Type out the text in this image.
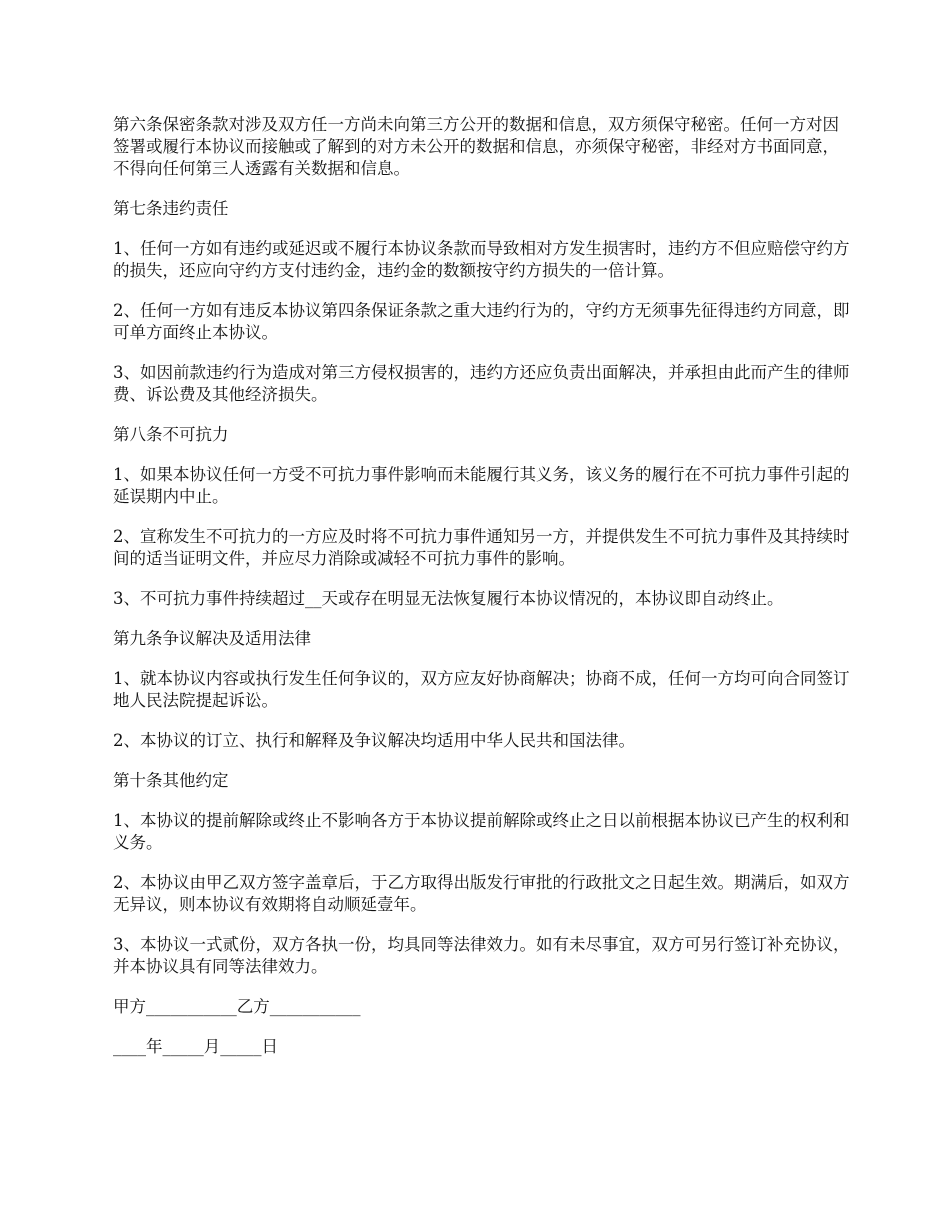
第六条保密条款对涉及双方任一方尚未向第三方公开的数据和信息，双方须保守秘密。任何一方对因签署或履行本协议而接触或了解到的对方未公开的数据和信息，亦须保守秘密，非经对方书面同意，不得向任何第三人透露有关数据和信息。

第七条违约责任

1、任何一方如有违约或延迟或不履行本协议条款而导致相对方发生损害时，违约方不但应赔偿守约方的损失，还应向守约方支付违约金，违约金的数额按守约方损失的一倍计算。

2、任何一方如有违反本协议第四条保证条款之重大违约行为的，守约方无须事先征得违约方同意，即可单方面终止本协议。

3、如因前款违约行为造成对第三方侵权损害的，违约方还应负责出面解决，并承担由此而产生的律师费、诉讼费及其他经济损失。

第八条不可抗力

1、如果本协议任何一方受不可抗力事件影响而未能履行其义务，该义务的履行在不可抗力事件引起的延误期内中止。

2、宣称发生不可抗力的一方应及时将不可抗力事件通知另一方，并提供发生不可抗力事件及其持续时间的适当证明文件，并应尽力消除或减轻不可抗力事件的影响。

3、不可抗力事件持续超过__天或存在明显无法恢复履行本协议情况的，本协议即自动终止。

第九条争议解决及适用法律

1、就本协议内容或执行发生任何争议的，双方应友好协商解决；协商不成，任何一方均可向合同签订地人民法院提起诉讼。

2、本协议的订立、执行和解释及争议解决均适用中华人民共和国法律。

第十条其他约定

1、本协议的提前解除或终止不影响各方于本协议提前解除或终止之日以前根据本协议已产生的权利和义务。

2、本协议由甲乙双方签字盖章后，于乙方取得出版发行审批的行政批文之日起生效。期满后，如双方无异议，则本协议有效期将自动顺延壹年。

3、本协议一式贰份，双方各执一份，均具同等法律效力。如有未尽事宜，双方可另行签订补充协议，并本协议具有同等法律效力。

甲方___________乙方___________

____年_____月_____日
